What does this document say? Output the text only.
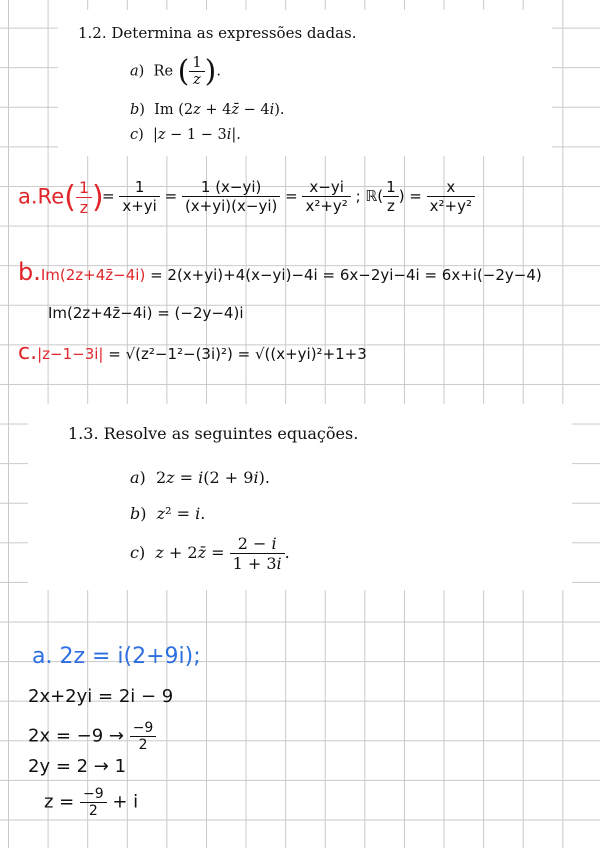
1.2. Determina as expressões dadas.
a)  Re ( $\frac{1}{z}$ ).
b)  Im (2z + 4z̄ − 4i).
c)  |z − 1 − 3i|.
$a.Re( \frac{1}{z}$ )
= $\frac{1}{x+yi} = \frac{1 (x-yi)}{(x+yi)(x-yi)} = \frac{x-yi}{\text{x²+y²}}$ ; ℝ( $\frac{1}{z}$ ) = $\frac{x}{\text{x²+y²}}$
b.Im(2z+4z̄−4i) = 2(x+yi)+4(x−yi)−4i = 6x−2yi−4i = 6x+i(−2y−4)
Im(2z+4z̄−4i) = (−2y−4)i
c.|z−1−3i| = √(z²−1²−(3i)²) = √((x+yi)²+1+3
1.3. Resolve as seguintes equações.
a)  2z = i(2 + 9i).
b)  z² = i.
c)  z + 2z̄ = $\frac{2 - i}{1 + 3i}$ .
a. 2z = i(2+9i);
2x+2yi = 2i − 9
$2x = -9 \to \frac{-9}{2}$
2y = 2 → 1
$z = \frac{-9}{2} + i$
